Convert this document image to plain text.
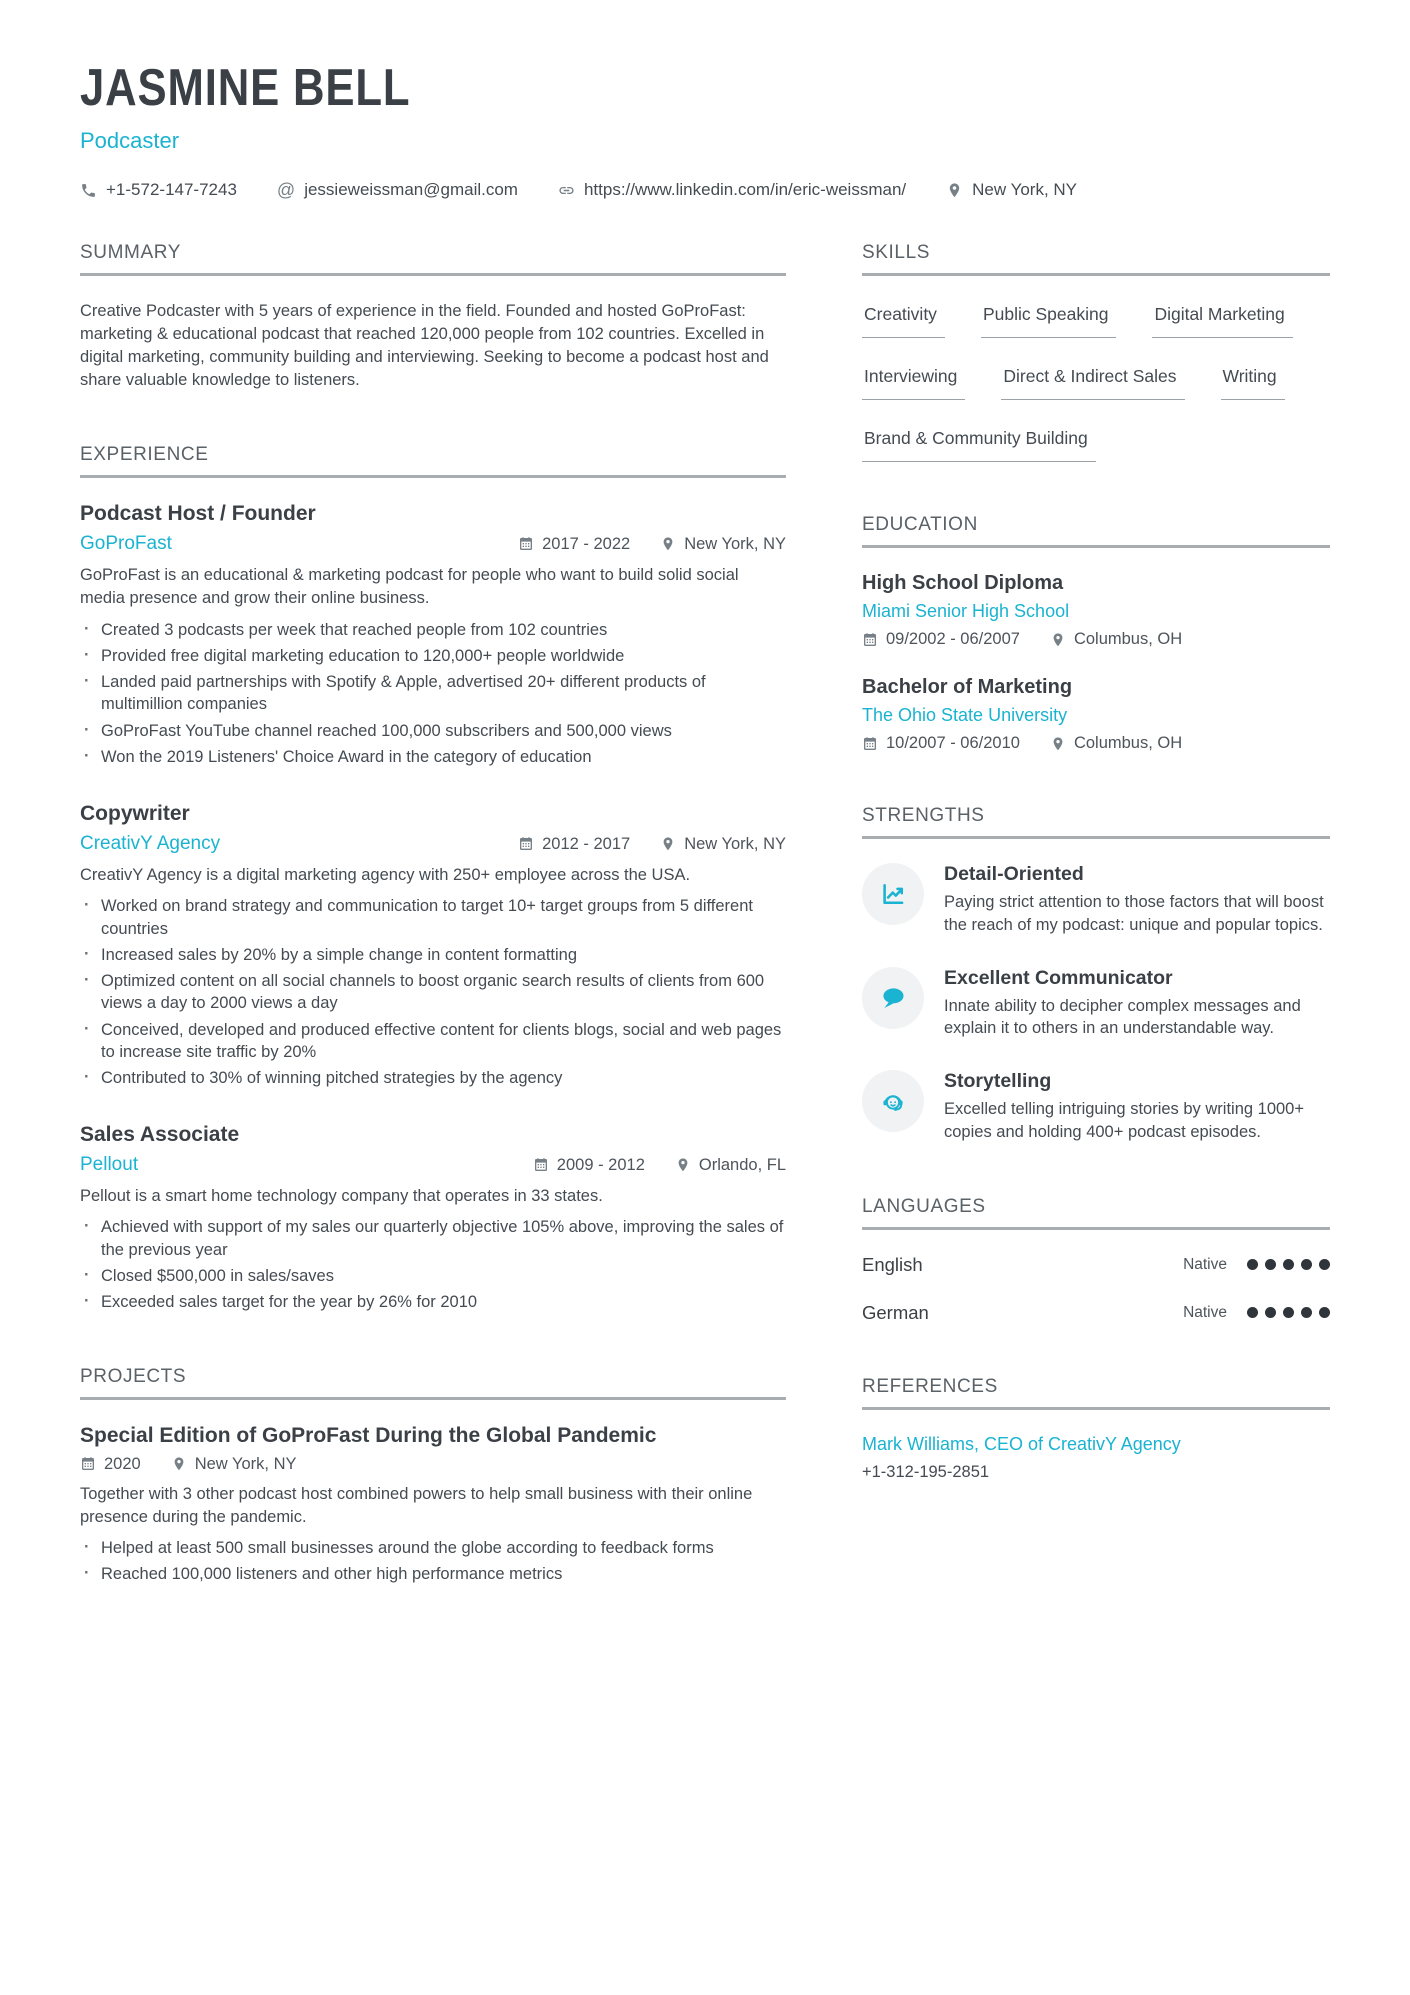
JASMINE BELL
Podcaster
+1-572-147-7243 @ jessieweissman@gmail.com	https://www.linkedin.com/in/eric-weissman/	New York, NY
SUMMARY

Creative Podcaster with 5 years of experience in the field. Founded and hosted GoProFast: marketing & educational podcast that reached 120,000 people from 102 countries. Excelled in digital marketing, community building and interviewing. Seeking to become a podcast host and share valuable knowledge to listeners.

EXPERIENCE
Podcast Host / Founder
GoProFast	2017 - 2022	New York, NY

GoProFast is an educational & marketing podcast for people who want to build solid social media presence and grow their online business.

· Created 3 podcasts per week that reached people from 102 countries
· Provided free digital marketing education to 120,000+ people worldwide
· Landed paid partnerships with Spotify & Apple, advertised 20+ different products of multimillion companies
· GoProFast YouTube channel reached 100,000 subscribers and 500,000 views
· Won the 2019 Listeners' Choice Award in the category of education
Copywriter
CreativY Agency	2012 - 2017	New York, NY

CreativY Agency is a digital marketing agency with 250+ employee across the USA.

· Worked on brand strategy and communication to target 10+ target groups from 5 different countries
· Increased sales by 20% by a simple change in content formatting
· Optimized content on all social channels to boost organic search results of clients from 600 views a day to 2000 views a day
· Conceived, developed and produced effective content for clients blogs, social and web pages to increase site traffic by 20%
· Contributed to 30% of winning pitched strategies by the agency
Sales Associate
Pellout	2009 - 2012	Orlando, FL

Pellout is a smart home technology company that operates in 33 states.

· Achieved with support of my sales our quarterly objective 105% above, improving the sales of the previous year
· Closed $500,000 in sales/saves
· Exceeded sales target for the year by 26% for 2010
PROJECTS
Special Edition of GoProFast During the Global Pandemic
2020	New York, NY

Together with 3 other podcast host combined powers to help small business with their online presence during the pandemic.

· Helped at least 500 small businesses around the globe according to feedback forms
· Reached 100,000 listeners and other high performance metrics
SKILLS
Creativity	Public Speaking	Digital Marketing
Interviewing	Direct & Indirect Sales	Writing
Brand & Community Building
EDUCATION
High School Diploma
Miami Senior High School
09/2002 - 06/2007	Columbus, OH
Bachelor of Marketing
The Ohio State University
10/2007 - 06/2010	Columbus, OH
STRENGTHS
Detail-Oriented
Paying strict attention to those factors that will boost the reach of my podcast: unique and popular topics.
Excellent Communicator
Innate ability to decipher complex messages and explain it to others in an understandable way.
Storytelling
Excelled telling intriguing stories by writing 1000+ copies and holding 400+ podcast episodes.
LANGUAGES
English	Native
German	Native
REFERENCES
Mark Williams, CEO of CreativY Agency
+1-312-195-2851
